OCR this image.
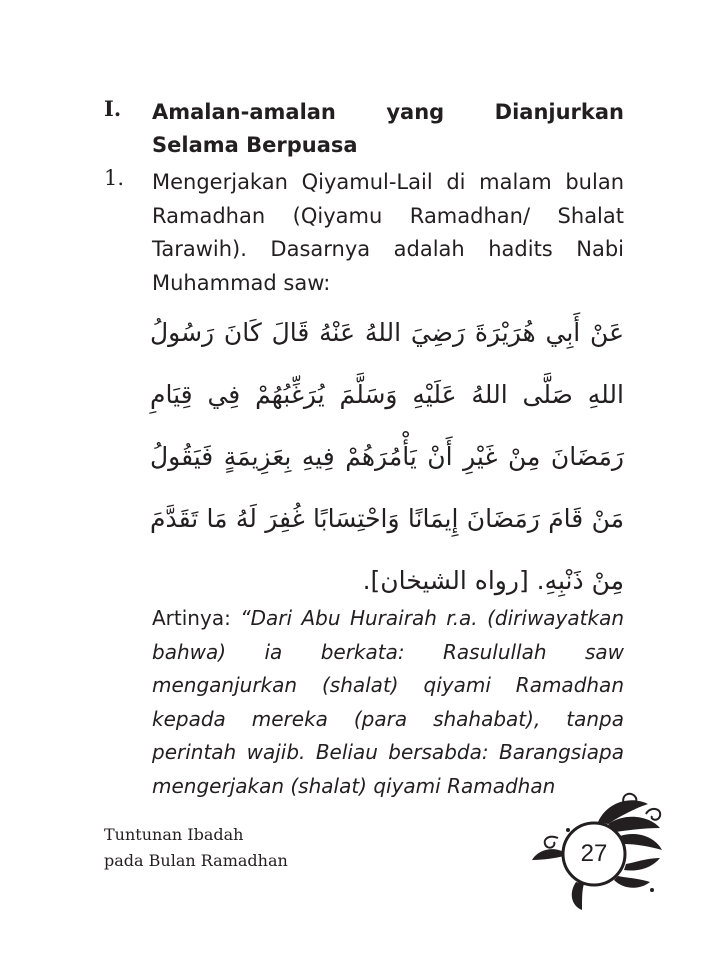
I. Amalan-amalan yang Dianjurkan Selama Berpuasa
1. Mengerjakan Qiyamul-Lail di malam bulan Ramadhan (Qiyamu Ramadhan/ Shalat Tarawih). Dasarnya adalah hadits Nabi Muhammad saw:
عَنْ أَبِي هُرَيْرَةَ رَضِيَ اللهُ عَنْهُ قَالَ كَانَ رَسُولُ اللهِ صَلَّى اللهُ عَلَيْهِ وَسَلَّمَ يُرَغِّبُهُمْ فِي قِيَامِ رَمَضَانَ مِنْ غَيْرِ أَنْ يَأْمُرَهُمْ فِيهِ بِعَزِيمَةٍ فَيَقُولُ مَنْ قَامَ رَمَضَانَ إِيمَانًا وَاحْتِسَابًا غُفِرَ لَهُ مَا تَقَدَّمَ مِنْ ذَنْبِهِ. [رواه الشيخان].
Artinya: “Dari Abu Hurairah r.a. (diriwayatkan bahwa) ia berkata: Rasulullah saw menganjurkan (shalat) qiyami Ramadhan kepada mereka (para shahabat), tanpa perintah wajib. Beliau bersabda: Barangsiapa mengerjakan (shalat) qiyami Ramadhan
Tuntunan Ibadah
pada Bulan Ramadhan	27
